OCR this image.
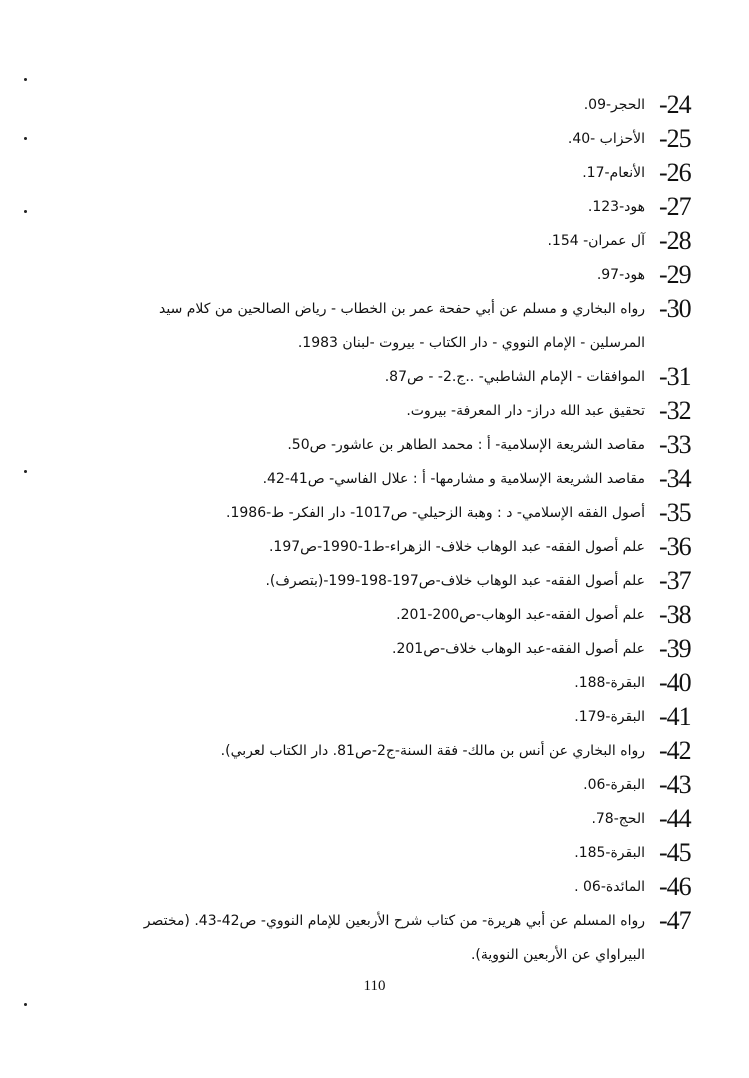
-24
الحجر-09.
-25
الأحزاب -40.
-26
الأنعام-17.
-27
هود-123.
-28
آل عمران- 154.
-29
هود-97.
-30
رواه البخاري و مسلم عن أبي حفحة عمر بن الخطاب - رياض الصالحين من كلام سيد المرسلين - الإمام النووي - دار الكتاب - بيروت -لبنان 1983.
-31
الموافقات - الإمام الشاطبي- ..ج.2- - ص87.
-32
تحقيق عبد الله دراز- دار المعرفة- بيروت.
-33
مقاصد الشريعة الإسلامية- أ : محمد الطاهر بن عاشور- ص50.
-34
مقاصد الشريعة الإسلامية و مشارمها- أ : علال الفاسي- ص41-42.
-35
أصول الفقه الإسلامي- د : وهبة الزحيلي- ص1017- دار الفكر- ط-1986.
-36
علم أصول الفقه- عبد الوهاب خلاف- الزهراء-ط1-1990-ص197.
-37
علم أصول الفقه- عبد الوهاب خلاف-ص197-198-199-(بتصرف).
-38
علم أصول الفقه-عبد الوهاب-ص200-201.
-39
علم أصول الفقه-عبد الوهاب خلاف-ص201.
-40
البقرة-188.
-41
البقرة-179.
-42
رواه البخاري عن أنس بن مالك- فقة السنة-ج2-ص81. دار الكتاب لعربي).
-43
البقرة-06.
-44
الحج-78.
-45
البقرة-185.
-46
المائدة-06 .
-47
رواه المسلم عن أبي هريرة- من كتاب شرح الأربعين للإمام النووي- ص42-43. (مختصر البيراواي عن الأربعين النووية).
110
